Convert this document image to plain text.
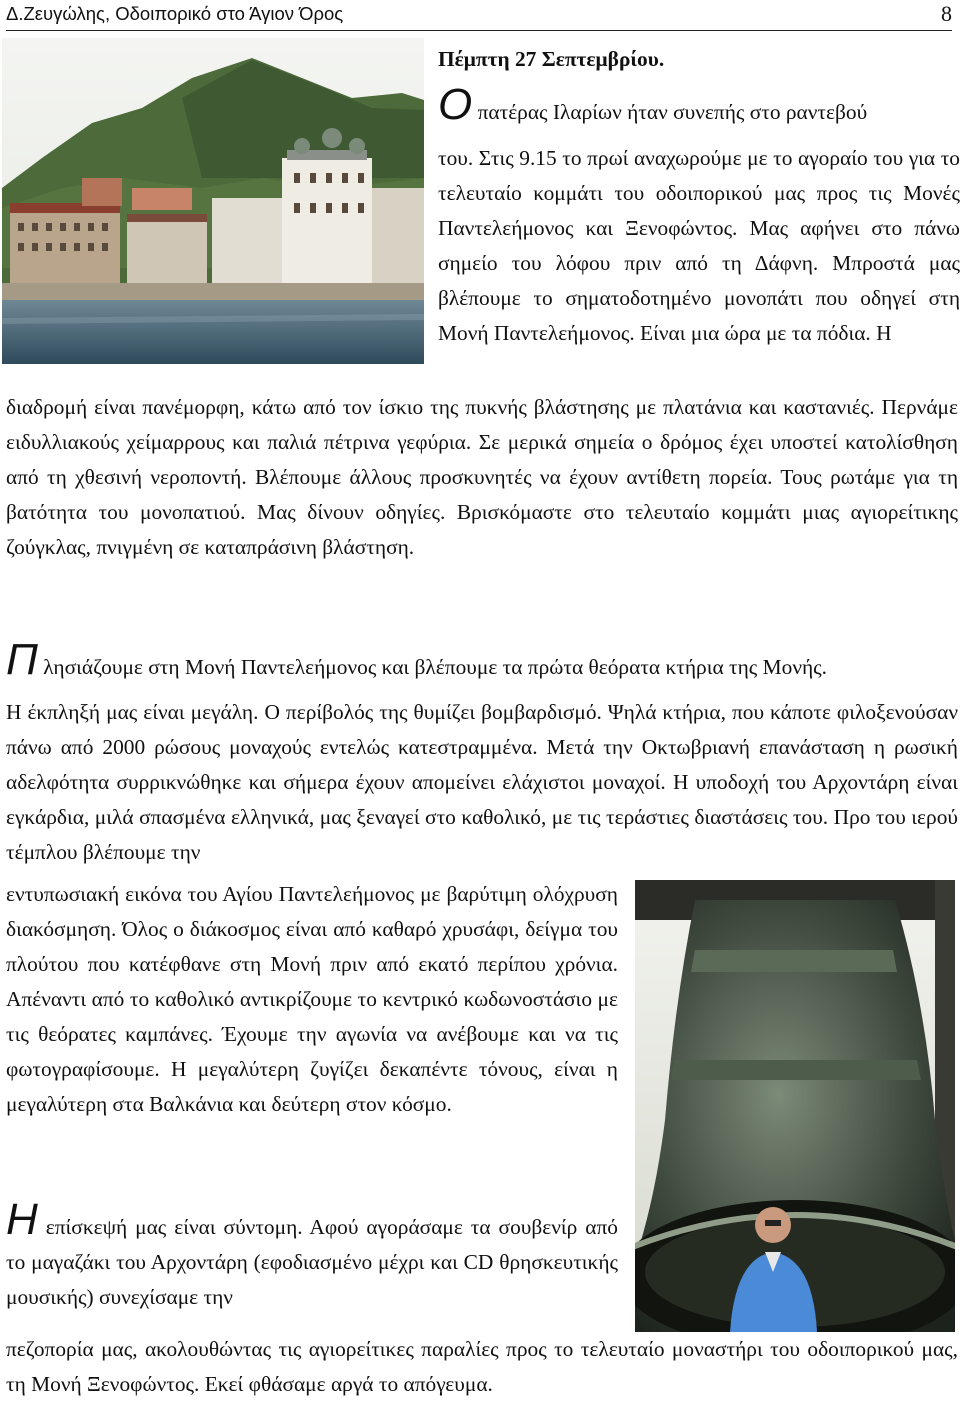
Δ.Ζευγώλης, Οδοιπορικό στο Άγιον Όρος	8

Πέμπτη 27 Σεπτεμβρίου.

Ο πατέρας Ιλαρίων ήταν συνεπής στο ραντεβού

του. Στις 9.15 το πρωί αναχωρούμε με το αγοραίο του για το τελευταίο κομμάτι του οδοιπορικού μας προς τις Μονές Παντελεήμονος και Ξενοφώντος. Μας αφήνει στο πάνω σημείο του λόφου πριν από τη Δάφνη. Μπροστά μας βλέπουμε το σηματοδοτημένο μονοπάτι που οδηγεί στη Μονή Παντελεήμονος. Είναι μια ώρα με τα πόδια. Η

διαδρομή είναι πανέμορφη, κάτω από τον ίσκιο της πυκνής βλάστησης με πλατάνια και καστανιές. Περνάμε ειδυλλιακούς χείμαρρους και παλιά πέτρινα γεφύρια. Σε μερικά σημεία ο δρόμος έχει υποστεί κατολίσθηση από τη χθεσινή νεροποντή. Βλέπουμε άλλους προσκυνητές να έχουν αντίθετη πορεία. Τους ρωτάμε για τη βατότητα του μονοπατιού. Μας δίνουν οδηγίες. Βρισκόμαστε στο τελευταίο κομμάτι μιας αγιορείτικης ζούγκλας, πνιγμένη σε καταπράσινη βλάστηση.

Π λησιάζουμε στη Μονή Παντελεήμονος και βλέπουμε τα πρώτα θεόρατα κτήρια της Μονής.

Η έκπληξή μας είναι μεγάλη. Ο περίβολός της θυμίζει βομβαρδισμό. Ψηλά κτήρια, που κάποτε φιλοξενούσαν πάνω από 2000 ρώσους μοναχούς εντελώς κατεστραμμένα. Μετά την Οκτωβριανή επανάσταση η ρωσική αδελφότητα συρρικνώθηκε και σήμερα έχουν απομείνει ελάχιστοι μοναχοί. Η υποδοχή του Αρχοντάρη είναι εγκάρδια, μιλά σπασμένα ελληνικά, μας ξεναγεί στο καθολικό, με τις τεράστιες διαστάσεις του. Προ του ιερού τέμπλου βλέπουμε την

εντυπωσιακή εικόνα του Αγίου Παντελεήμονος με βαρύτιμη ολόχρυση διακόσμηση. Όλος ο διάκοσμος είναι από καθαρό χρυσάφι, δείγμα του πλούτου που κατέφθανε στη Μονή πριν από εκατό περίπου χρόνια. Απέναντι από το καθολικό αντικρίζουμε το κεντρικό κωδωνοστάσιο με τις θεόρατες καμπάνες. Έχουμε την αγωνία να ανέβουμε και να τις φωτογραφίσουμε. Η μεγαλύτερη ζυγίζει δεκαπέντε τόνους, είναι η μεγαλύτερη στα Βαλκάνια και δεύτερη στον κόσμο.

Η επίσκεψή μας είναι σύντομη. Αφού αγοράσαμε τα σουβενίρ από το μαγαζάκι του Αρχοντάρη (εφοδιασμένο μέχρι και CD θρησκευτικής μουσικής) συνεχίσαμε την

πεζοπορία μας, ακολουθώντας τις αγιορείτικες παραλίες προς το τελευταίο μοναστήρι του οδοιπορικού μας, τη Μονή Ξενοφώντος. Εκεί φθάσαμε αργά το απόγευμα.
